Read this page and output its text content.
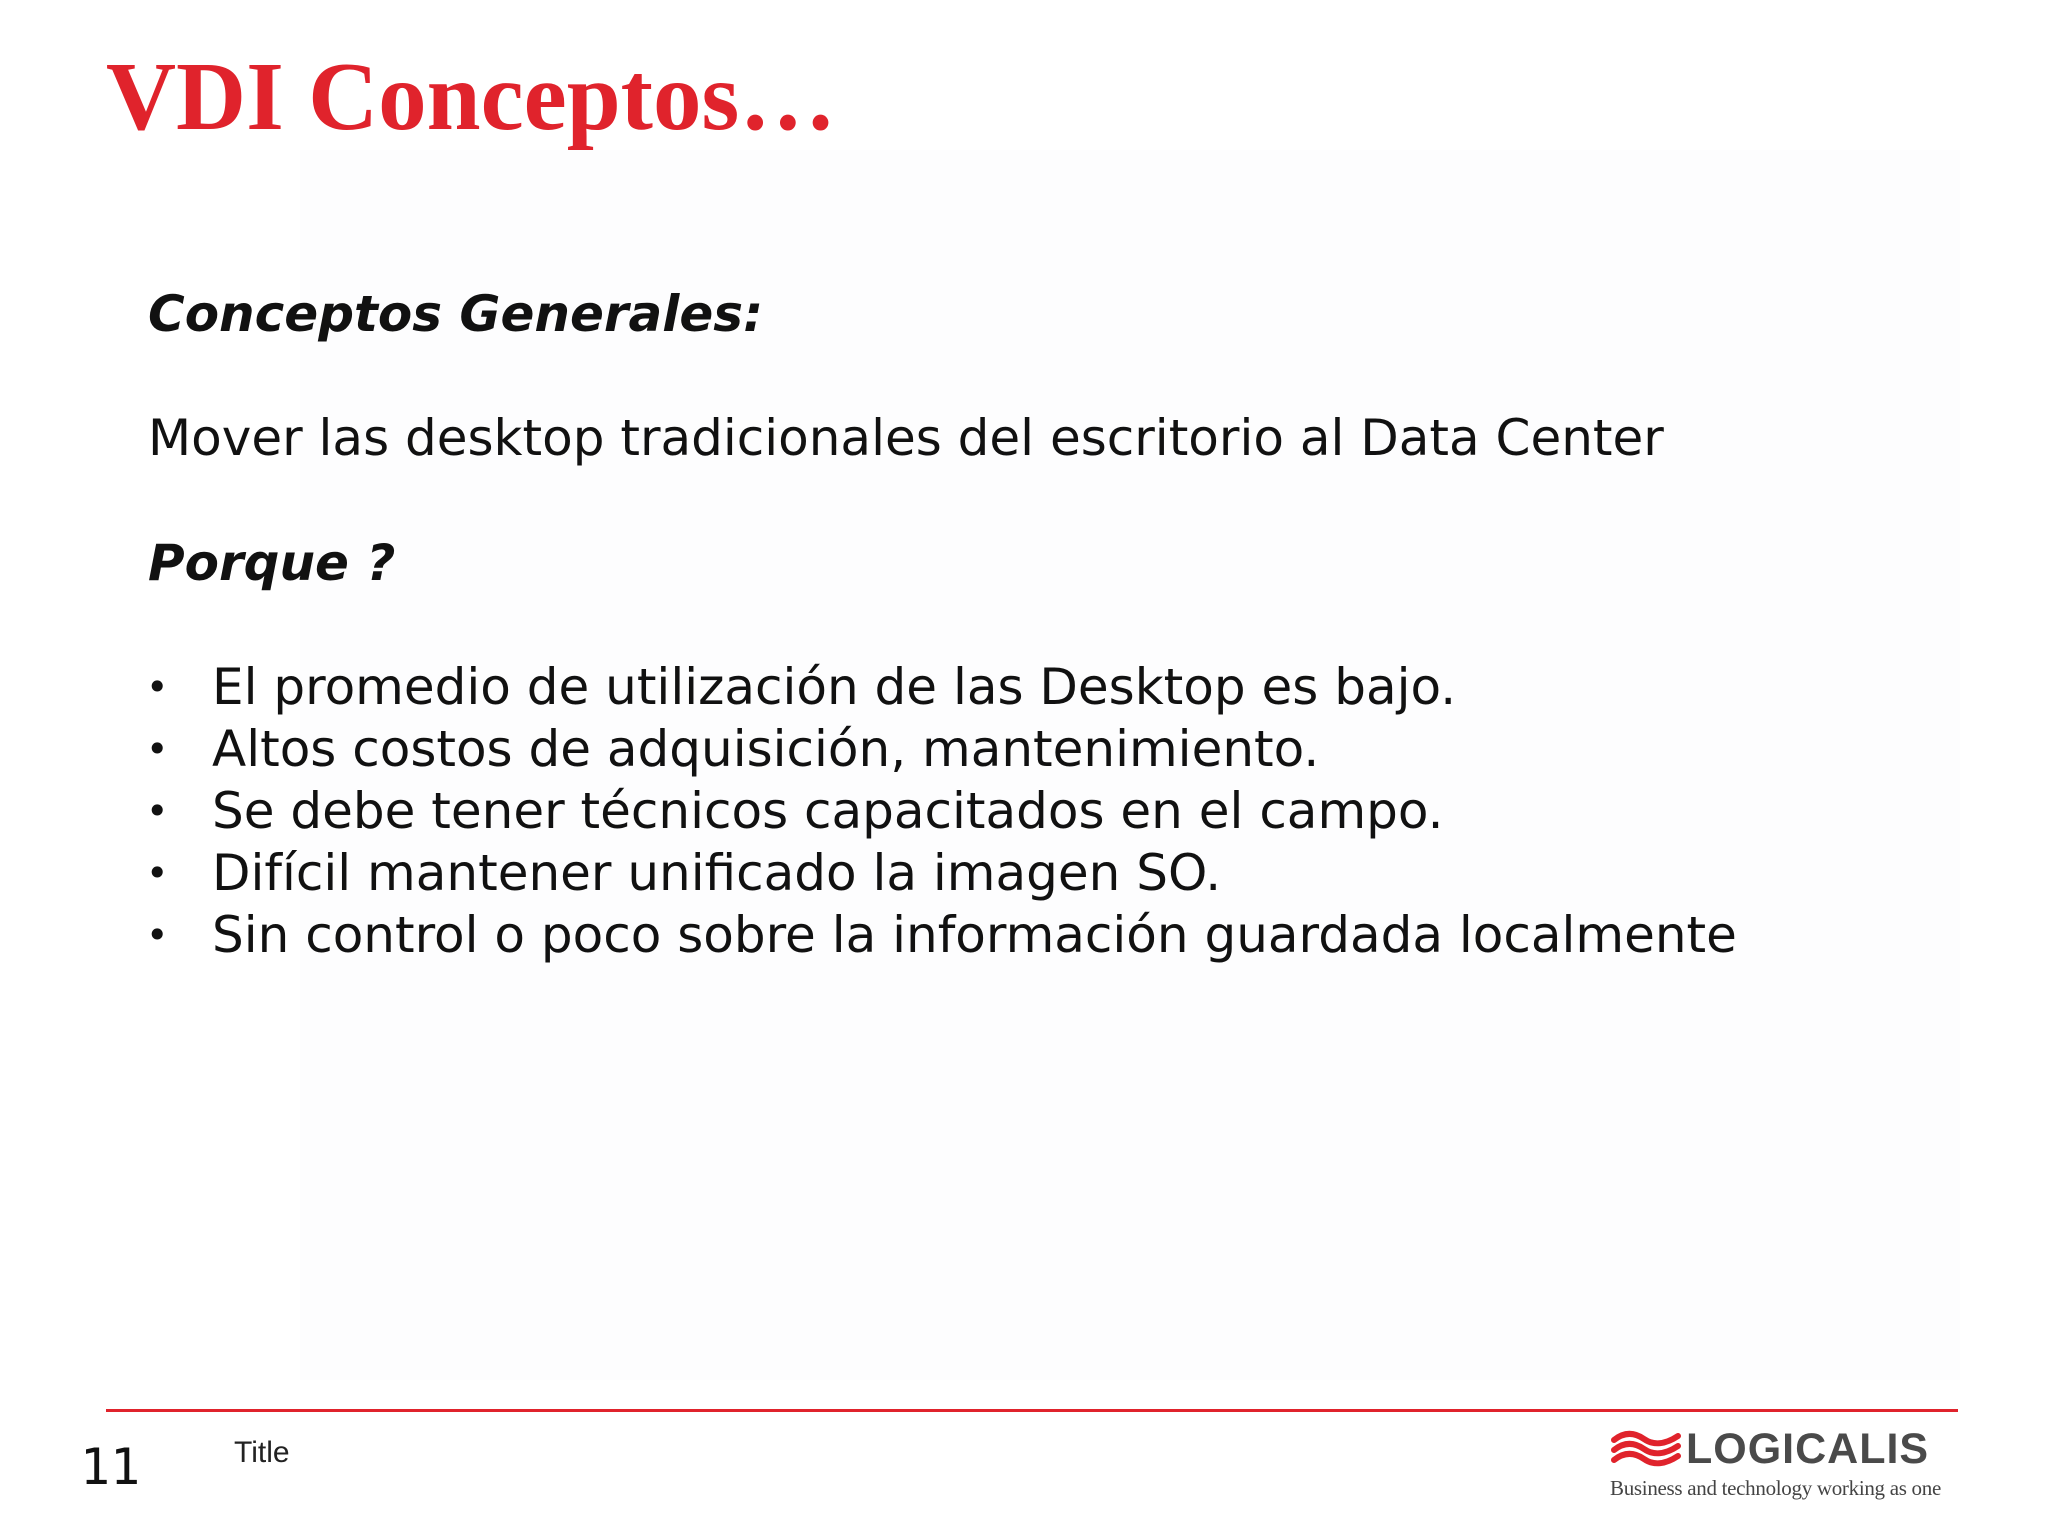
VDI Conceptos…

Conceptos Generales:

Mover las desktop tradicionales del escritorio al Data Center

Porque ?

• El promedio de utilización de las Desktop es bajo.
• Altos costos de adquisición, mantenimiento.
• Se debe tener técnicos capacitados en el campo.
• Difícil mantener unificado la imagen SO.
• Sin control o poco sobre la información guardada localmente
11	Title	LOGICALIS
Business and technology working as one
